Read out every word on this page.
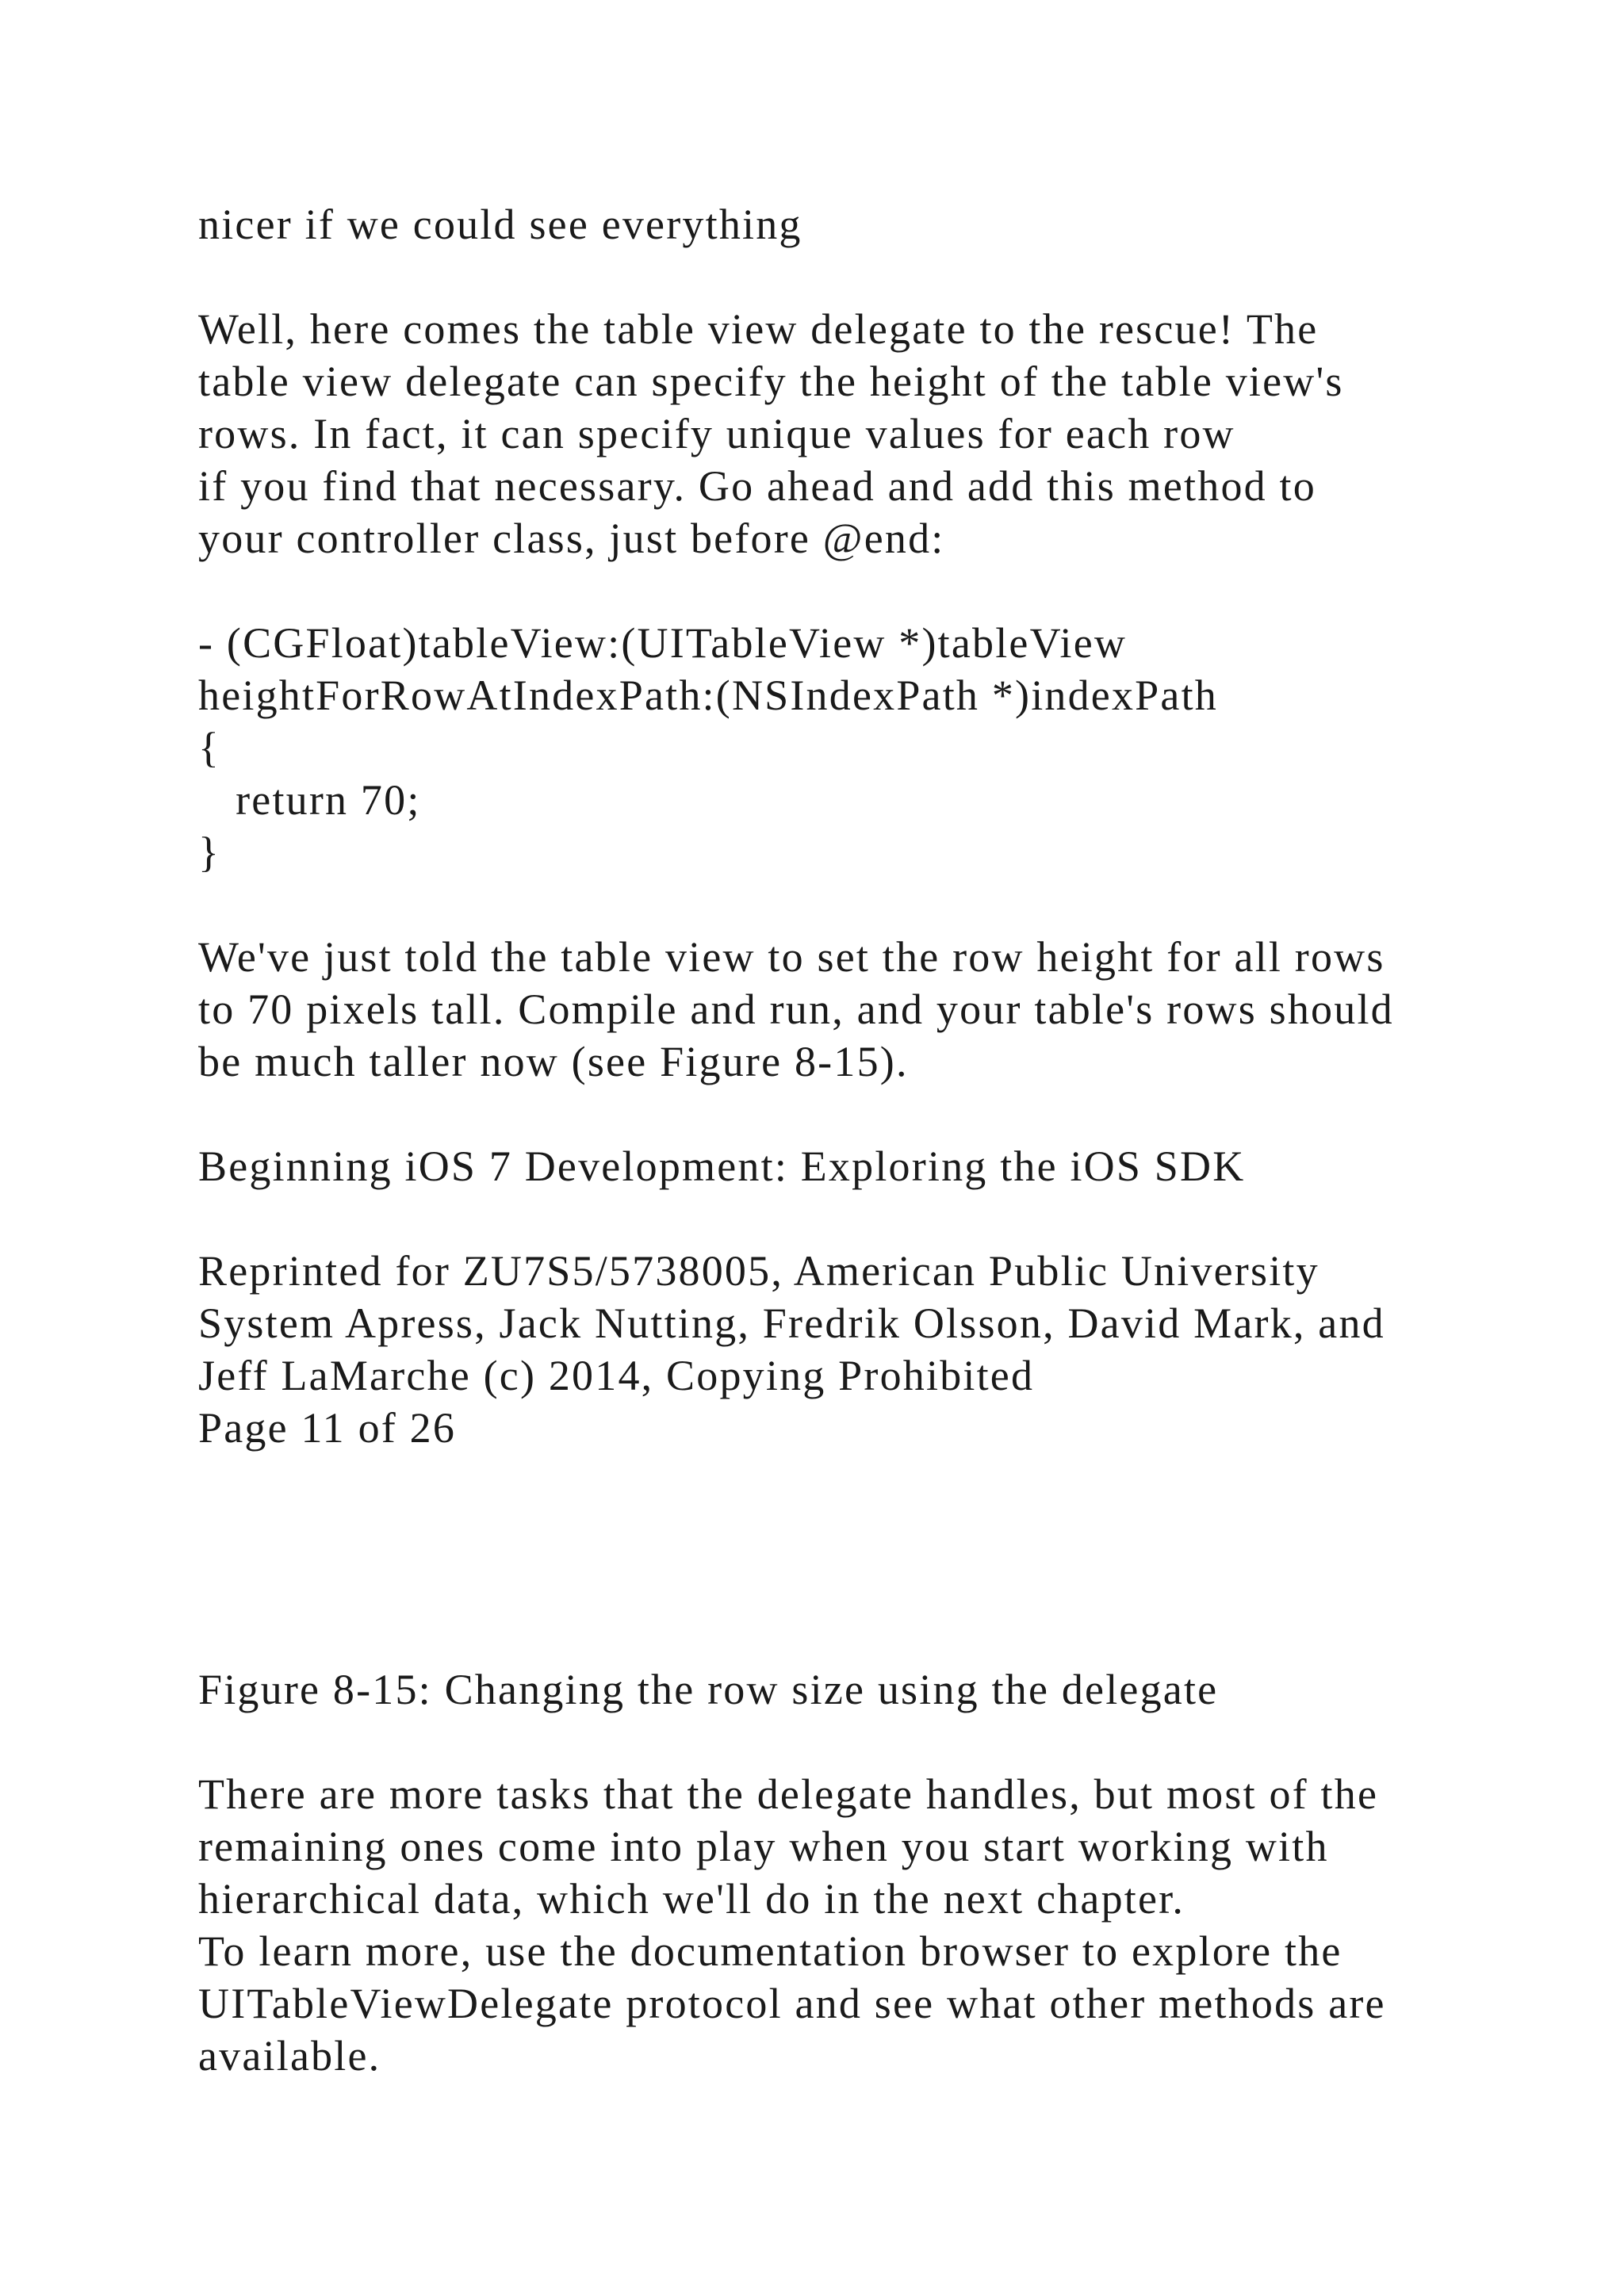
nicer if we could see everything
Well, here comes the table view delegate to the rescue! The
table view delegate can specify the height of the table view's
rows. In fact, it can specify unique values for each row
if you find that necessary. Go ahead and add this method to
your controller class, just before @end:
- (CGFloat)tableView:(UITableView *)tableView
heightForRowAtIndexPath:(NSIndexPath *)indexPath
{
return 70;
}
We've just told the table view to set the row height for all rows
to 70 pixels tall. Compile and run, and your table's rows should
be much taller now (see Figure 8-15).
Beginning iOS 7 Development: Exploring the iOS SDK
Reprinted for ZU7S5/5738005, American Public University
System Apress, Jack Nutting, Fredrik Olsson, David Mark, and
Jeff LaMarche (c) 2014, Copying Prohibited
Page 11 of 26
Figure 8-15: Changing the row size using the delegate
There are more tasks that the delegate handles, but most of the
remaining ones come into play when you start working with
hierarchical data, which we'll do in the next chapter.
To learn more, use the documentation browser to explore the
UITableViewDelegate protocol and see what other methods are
available.
